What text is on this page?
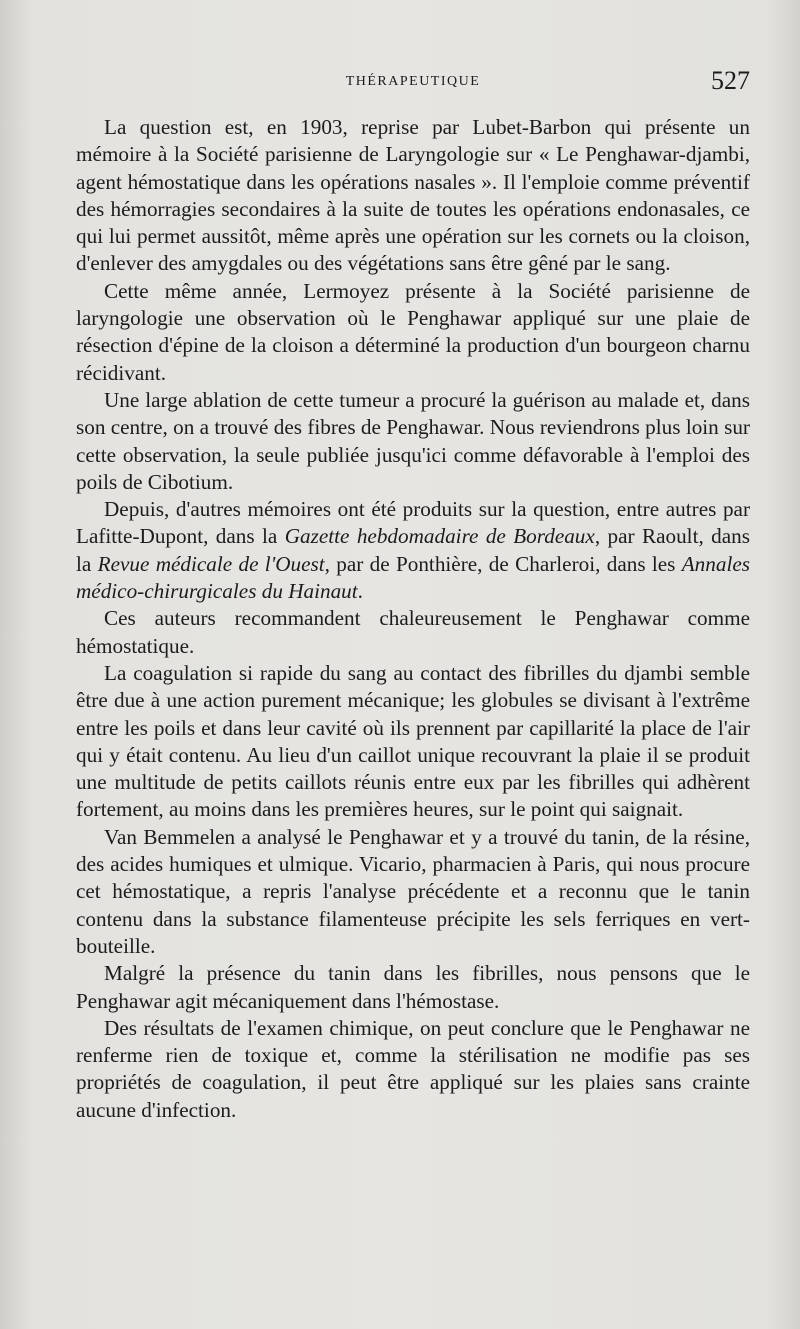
THÉRAPEUTIQUE	527

La question est, en 1903, reprise par Lubet-Barbon qui présente un mémoire à la Société parisienne de Laryngologie sur « Le Penghawar-djambi, agent hémostatique dans les opérations nasales ». Il l'emploie comme préventif des hémorragies secondaires à la suite de toutes les opérations endonasales, ce qui lui permet aussitôt, même après une opération sur les cornets ou la cloison, d'enlever des amygdales ou des végétations sans être gêné par le sang.

Cette même année, Lermoyez présente à la Société parisienne de laryngologie une observation où le Penghawar appliqué sur une plaie de résection d'épine de la cloison a déterminé la production d'un bourgeon charnu récidivant.

Une large ablation de cette tumeur a procuré la guérison au malade et, dans son centre, on a trouvé des fibres de Penghawar. Nous reviendrons plus loin sur cette observation, la seule publiée jusqu'ici comme défavorable à l'emploi des poils de Cibotium.

Depuis, d'autres mémoires ont été produits sur la question, entre autres par Lafitte-Dupont, dans la Gazette hebdomadaire de Bordeaux, par Raoult, dans la Revue médicale de l'Ouest, par de Ponthière, de Charleroi, dans les Annales médico-chirurgicales du Hainaut.

Ces auteurs recommandent chaleureusement le Penghawar comme hémostatique.

La coagulation si rapide du sang au contact des fibrilles du djambi semble être due à une action purement mécanique; les globules se divisant à l'extrême entre les poils et dans leur cavité où ils prennent par capillarité la place de l'air qui y était contenu. Au lieu d'un caillot unique recouvrant la plaie il se produit une multitude de petits caillots réunis entre eux par les fibrilles qui adhèrent fortement, au moins dans les premières heures, sur le point qui saignait.

Van Bemmelen a analysé le Penghawar et y a trouvé du tanin, de la résine, des acides humiques et ulmique. Vicario, pharmacien à Paris, qui nous procure cet hémostatique, a repris l'analyse précédente et a reconnu que le tanin contenu dans la substance filamenteuse précipite les sels ferriques en vert-bouteille.

Malgré la présence du tanin dans les fibrilles, nous pensons que le Penghawar agit mécaniquement dans l'hémostase.

Des résultats de l'examen chimique, on peut conclure que le Penghawar ne renferme rien de toxique et, comme la stérilisation ne modifie pas ses propriétés de coagulation, il peut être appliqué sur les plaies sans crainte aucune d'infection.
